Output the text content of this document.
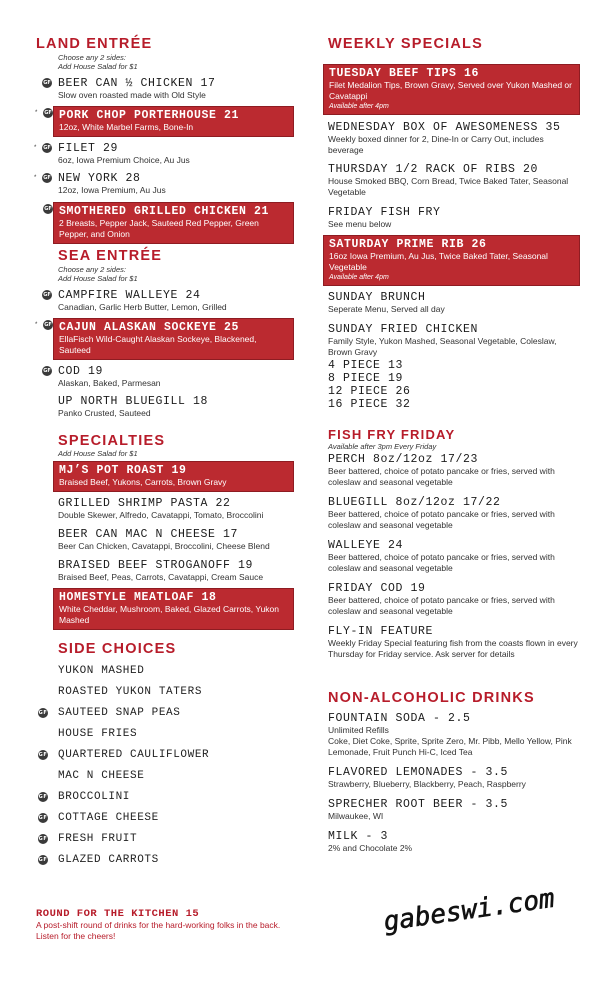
LAND ENTRÉE
Choose any 2 sides:
Add House Salad for $1
GF BEER CAN ½ CHICKEN 17
Slow oven roasted made with Old Style
* GF PORK CHOP PORTERHOUSE 21
12oz, White Marbel Farms, Bone-In
* GF FILET 29
6oz, Iowa Premium Choice, Au Jus
* GF NEW YORK 28
12oz, Iowa Premium, Au Jus
GF SMOTHERED GRILLED CHICKEN 21
2 Breasts, Pepper Jack, Sauteed Red Pepper, Green Pepper, and Onion
SEA ENTRÉE
Choose any 2 sides:
Add House Salad for $1
GF CAMPFIRE WALLEYE 24
Canadian, Garlic Herb Butter, Lemon, Grilled
* GF CAJUN ALASKAN SOCKEYE 25
EllaFisch Wild-Caught Alaskan Sockeye, Blackened, Sauteed
GF COD 19
Alaskan, Baked, Parmesan
UP NORTH BLUEGILL 18
Panko Crusted, Sauteed
SPECIALTIES
Add House Salad for $1
MJ’S POT ROAST 19
Braised Beef, Yukons, Carrots, Brown Gravy
GRILLED SHRIMP PASTA 22
Double Skewer, Alfredo, Cavatappi, Tomato, Broccolini
BEER CAN MAC N CHEESE 17
Beer Can Chicken, Cavatappi, Broccolini, Cheese Blend
BRAISED BEEF STROGANOFF 19
Braised Beef, Peas, Carrots, Cavatappi, Cream Sauce
HOMESTYLE MEATLOAF 18
White Cheddar, Mushroom, Baked, Glazed Carrots, Yukon Mashed
SIDE CHOICES
YUKON MASHED
ROASTED YUKON TATERS
GF SAUTEED SNAP PEAS
HOUSE FRIES
GF QUARTERED CAULIFLOWER
MAC N CHEESE
GF BROCCOLINI
GF COTTAGE CHEESE
GF FRESH FRUIT
GF GLAZED CARROTS
WEEKLY SPECIALS
TUESDAY BEEF TIPS 16
Filet Medalion Tips, Brown Gravy, Served over Yukon Mashed or Cavatappi
Available after 4pm
WEDNESDAY BOX OF AWESOMENESS 35
Weekly boxed dinner for 2, Dine-In or Carry Out, includes beverage
THURSDAY 1/2 RACK OF RIBS 20
House Smoked BBQ, Corn Bread, Twice Baked Tater, Seasonal Vegetable
FRIDAY FISH FRY
See menu below
SATURDAY PRIME RIB 26
16oz Iowa Premium, Au Jus, Twice Baked Tater, Seasonal Vegetable
Available after 4pm
SUNDAY BRUNCH
Seperate Menu, Served all day
SUNDAY FRIED CHICKEN
Family Style, Yukon Mashed, Seasonal Vegetable, Coleslaw, Brown Gravy
4 PIECE 13
8 PIECE 19
12 PIECE 26
16 PIECE 32
FISH FRY FRIDAY
Available after 3pm Every Friday
PERCH 8oz/12oz 17/23
Beer battered, choice of potato pancake or fries, served with coleslaw and seasonal vegetable
BLUEGILL 8oz/12oz 17/22
Beer battered, choice of potato pancake or fries, served with coleslaw and seasonal vegetable
WALLEYE 24
Beer battered, choice of potato pancake or fries, served with coleslaw and seasonal vegetable
FRIDAY COD 19
Beer battered, choice of potato pancake or fries, served with coleslaw and seasonal vegetable
FLY-IN FEATURE
Weekly Friday Special featuring fish from the coasts flown in every Thursday for Friday service. Ask server for details
NON-ALCOHOLIC DRINKS
FOUNTAIN SODA - 2.5
Unlimited Refills
Coke, Diet Coke, Sprite, Sprite Zero, Mr. Pibb, Mello Yellow, Pink Lemonade, Fruit Punch Hi-C, Iced Tea
FLAVORED LEMONADES - 3.5
Strawberry, Blueberry, Blackberry, Peach, Raspberry
SPRECHER ROOT BEER - 3.5
Milwaukee, WI
MILK - 3
2% and Chocolate 2%
ROUND FOR THE KITCHEN 15
A post-shift round of drinks for the hard-working folks in the back. Listen for the cheers!	gabeswi.com
